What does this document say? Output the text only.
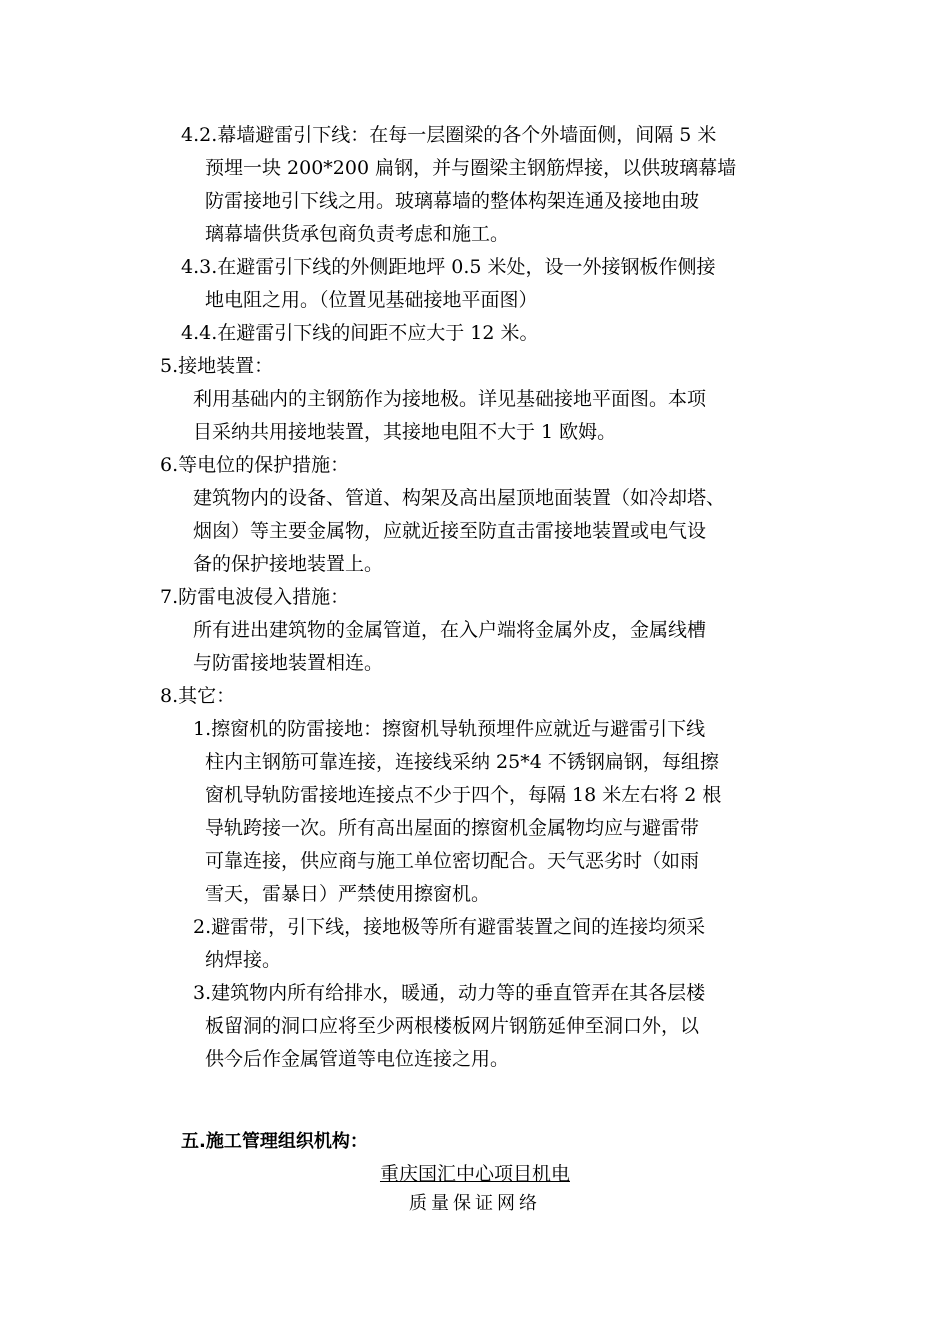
4.2.幕墙避雷引下线：在每一层圈梁的各个外墙面侧，间隔 5 米
预埋一块 200*200 扁钢，并与圈梁主钢筋焊接，以供玻璃幕墙
防雷接地引下线之用。玻璃幕墙的整体构架连通及接地由玻
璃幕墙供货承包商负责考虑和施工。
4.3.在避雷引下线的外侧距地坪 0.5 米处，设一外接钢板作侧接
地电阻之用。（位置见基础接地平面图）
4.4.在避雷引下线的间距不应大于 12 米。
5.接地装置：
利用基础内的主钢筋作为接地极。详见基础接地平面图。本项
目采纳共用接地装置，其接地电阻不大于 1 欧姆。
6.等电位的保护措施：
建筑物内的设备、管道、构架及高出屋顶地面装置（如冷却塔、
烟囱）等主要金属物，应就近接至防直击雷接地装置或电气设
备的保护接地装置上。
7.防雷电波侵入措施：
所有进出建筑物的金属管道，在入户端将金属外皮，金属线槽
与防雷接地装置相连。
8.其它：
1.擦窗机的防雷接地：擦窗机导轨预埋件应就近与避雷引下线
柱内主钢筋可靠连接，连接线采纳 25*4 不锈钢扁钢，每组擦
窗机导轨防雷接地连接点不少于四个，每隔 18 米左右将 2 根
导轨跨接一次。所有高出屋面的擦窗机金属物均应与避雷带
可靠连接，供应商与施工单位密切配合。天气恶劣时（如雨
雪天，雷暴日）严禁使用擦窗机。
2.避雷带，引下线，接地极等所有避雷装置之间的连接均须采
纳焊接。
3.建筑物内所有给排水，暖通，动力等的垂直管弄在其各层楼
板留洞的洞口应将至少两根楼板网片钢筋延伸至洞口外，以
供今后作金属管道等电位连接之用。
五.施工管理组织机构：
重庆国汇中心项目机电
质量保证网络
